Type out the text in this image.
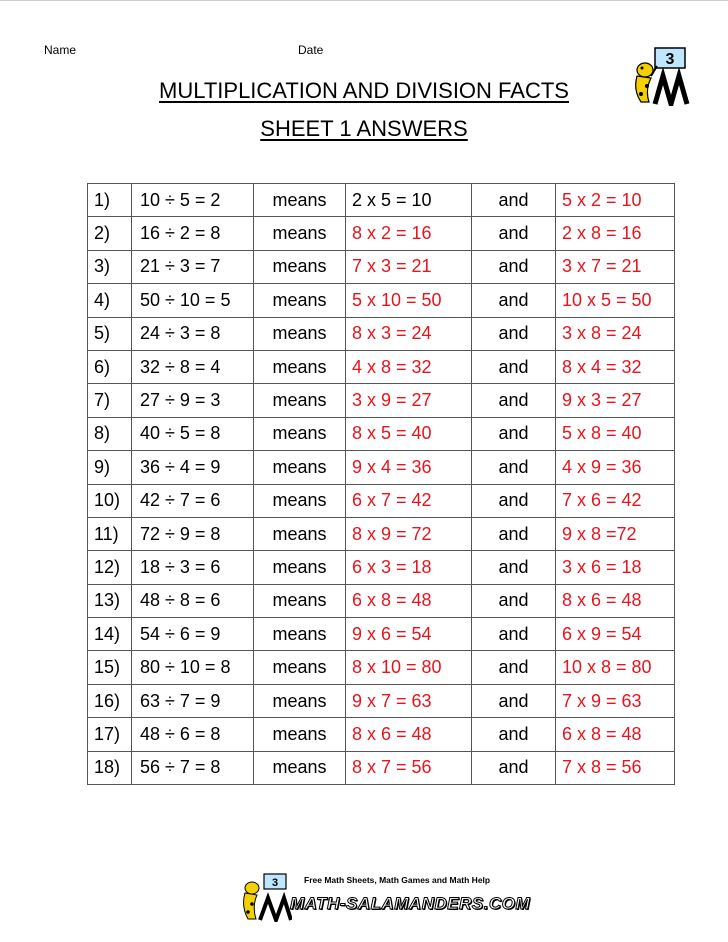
Name	Date
MULTIPLICATION AND DIVISION FACTS
SHEET 1 ANSWERS
3
1)	10 ÷ 5 = 2	means	2 x 5 = 10	and	5 x 2 = 10
2)	16 ÷ 2 = 8	means	8 x 2 = 16	and	2 x 8 = 16
3)	21 ÷ 3 = 7	means	7 x 3 = 21	and	3 x 7 = 21
4)	50 ÷ 10 = 5	means	5 x 10 = 50	and	10 x 5 = 50
5)	24 ÷ 3 = 8	means	8 x 3 = 24	and	3 x 8 = 24
6)	32 ÷ 8 = 4	means	4 x 8 = 32	and	8 x 4 = 32
7)	27 ÷ 9 = 3	means	3 x 9 = 27	and	9 x 3 = 27
8)	40 ÷ 5 = 8	means	8 x 5 = 40	and	5 x 8 = 40
9)	36 ÷ 4 = 9	means	9 x 4 = 36	and	4 x 9 = 36
10)	42 ÷ 7 = 6	means	6 x 7 = 42	and	7 x 6 = 42
11)	72 ÷ 9 = 8	means	8 x 9 = 72	and	9 x 8 =72
12)	18 ÷ 3 = 6	means	6 x 3 = 18	and	3 x 6 = 18
13)	48 ÷ 8 = 6	means	6 x 8 = 48	and	8 x 6 = 48
14)	54 ÷ 6 = 9	means	9 x 6 = 54	and	6 x 9 = 54
15)	80 ÷ 10 = 8	means	8 x 10 = 80	and	10 x 8 = 80
16)	63 ÷ 7 = 9	means	9 x 7 = 63	and	7 x 9 = 63
17)	48 ÷ 6 = 8	means	8 x 6 = 48	and	6 x 8 = 48
18)	56 ÷ 7 = 8	means	8 x 7 = 56	and	7 x 8 = 56
3	Free Math Sheets, Math Games and Math Help
MATH-SALAMANDERS.COM
